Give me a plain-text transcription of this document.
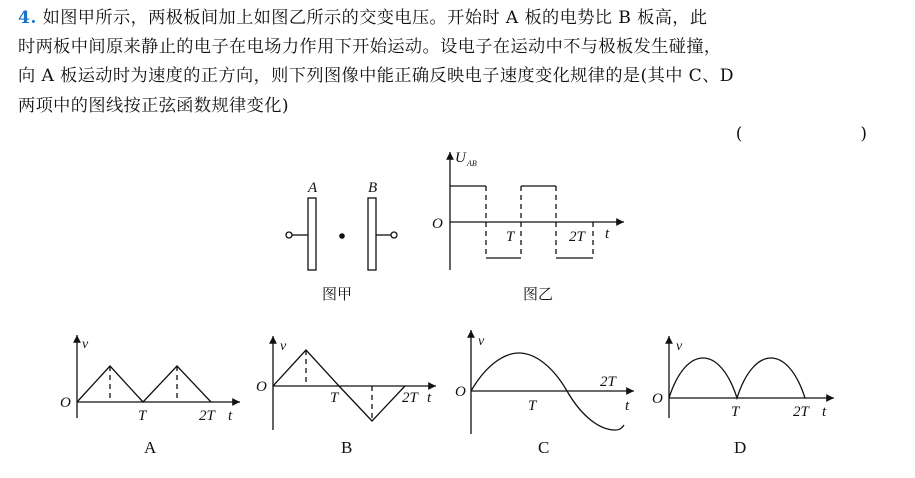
4. 如图甲所示，两极板间加上如图乙所示的交变电压。开始时 A 板的电势比 B 板高，此
时两板中间原来静止的电子在电场力作用下开始运动。设电子在运动中不与极板发生碰撞，
向 A 板运动时为速度的正方向，则下列图像中能正确反映电子速度变化规律的是(其中 C、D
两项中的图线按正弦函数规律变化)
(　　)
A	B
图甲
U AB
O
T	2T t
图乙
v
O
T	2T t
A
v
O
T	2T t
B
v
O
T
2T
t
C
v
O
T	2T t
D
